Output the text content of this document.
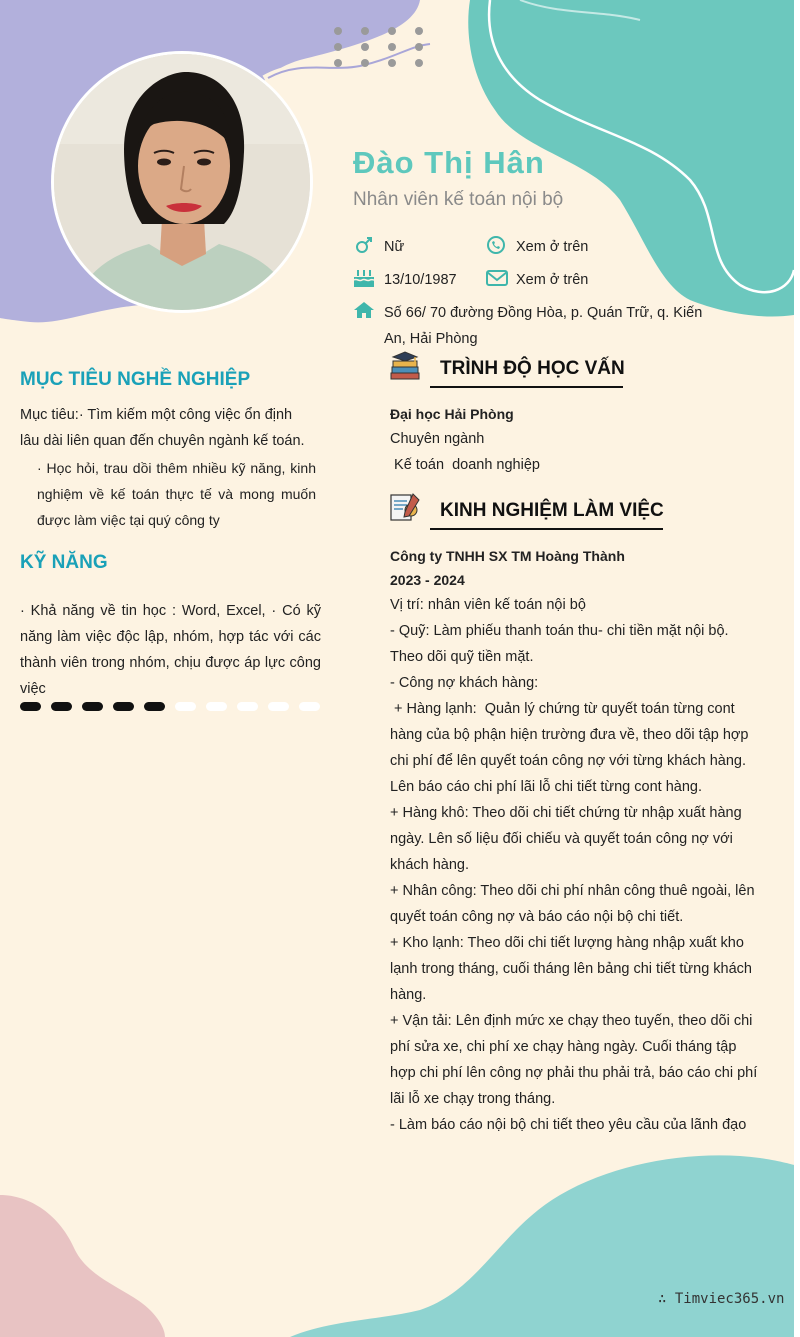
Đào Thị Hân
Nhân viên kế toán nội bộ
Nữ	Xem ở trên
13/10/1987	Xem ở trên
Số 66/ 70 đường Đồng Hòa, p. Quán Trữ, q. Kiến
An, Hải Phòng
MỤC TIÊU NGHỀ NGHIỆP
Mục tiêu:· Tìm kiếm một công việc ổn định
lâu dài liên quan đến chuyên ngành kế toán.
· Học hỏi, trau dồi thêm nhiều kỹ năng, kinh nghiệm về kế toán thực tế và mong muốn được làm việc tại quý công ty
KỸ NĂNG
· Khả năng về tin học : Word, Excel, · Có kỹ năng làm việc độc lập, nhóm, hợp tác với các thành viên trong nhóm, chịu được áp lực công việc
TRÌNH ĐỘ HỌC VẤN
Đại học Hải Phòng
Chuyên ngành
Kế toán  doanh nghiệp
KINH NGHIỆM LÀM VIỆC
Công ty TNHH SX TM Hoàng Thành
2023 - 2024
Vị trí: nhân viên kế toán nội bộ
- Quỹ: Làm phiếu thanh toán thu- chi tiền mặt nội bộ.
Theo dõi quỹ tiền mặt.
- Công nợ khách hàng:
+ Hàng lạnh:  Quản lý chứng từ quyết toán từng cont
hàng của bộ phận hiện trường đưa về, theo dõi tập hợp
chi phí để lên quyết toán công nợ với từng khách hàng.
Lên báo cáo chi phí lãi lỗ chi tiết từng cont hàng.
+ Hàng khô: Theo dõi chi tiết chứng từ nhập xuất hàng
ngày. Lên số liệu đối chiếu và quyết toán công nợ với
khách hàng.
+ Nhân công: Theo dõi chi phí nhân công thuê ngoài, lên
quyết toán công nợ và báo cáo nội bộ chi tiết.
+ Kho lạnh: Theo dõi chi tiết lượng hàng nhập xuất kho
lạnh trong tháng, cuối tháng lên bảng chi tiết từng khách
hàng.
+ Vận tải: Lên định mức xe chạy theo tuyến, theo dõi chi
phí sửa xe, chi phí xe chạy hàng ngày. Cuối tháng tập
hợp chi phí lên công nợ phải thu phải trả, báo cáo chi phí
lãi lỗ xe chạy trong tháng.
- Làm báo cáo nội bộ chi tiết theo yêu cầu của lãnh đạo
∴ Timviec365.vn
